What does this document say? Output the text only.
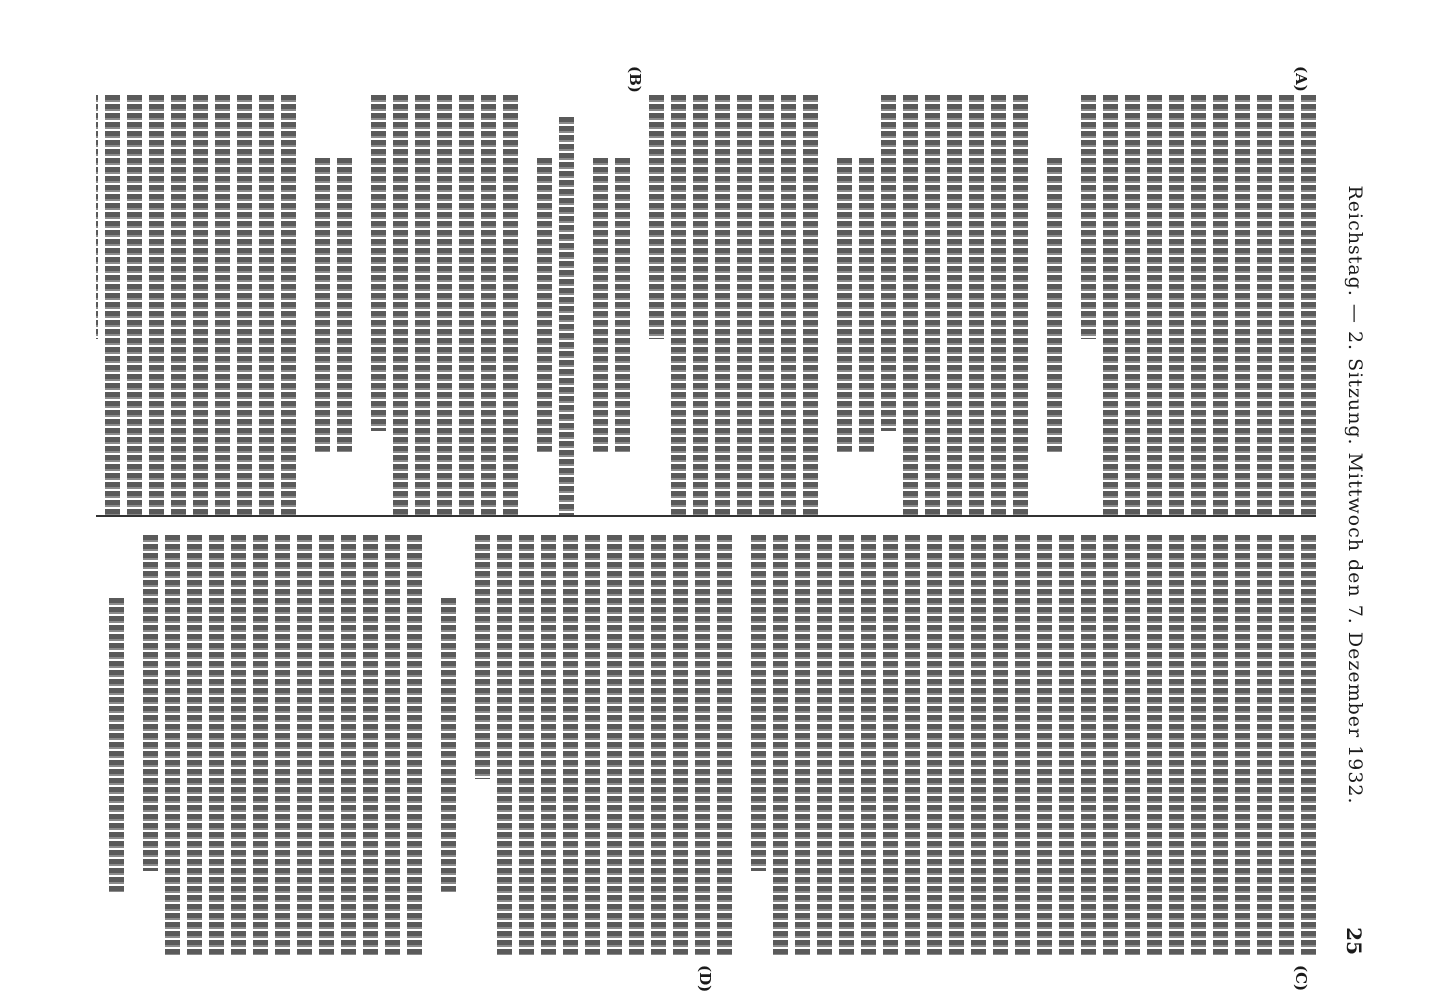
Reichstag. — 2. Sitzung. Mittwoch den 7. Dezember 1932.
25
(A)
(B)
(C)
(D)
